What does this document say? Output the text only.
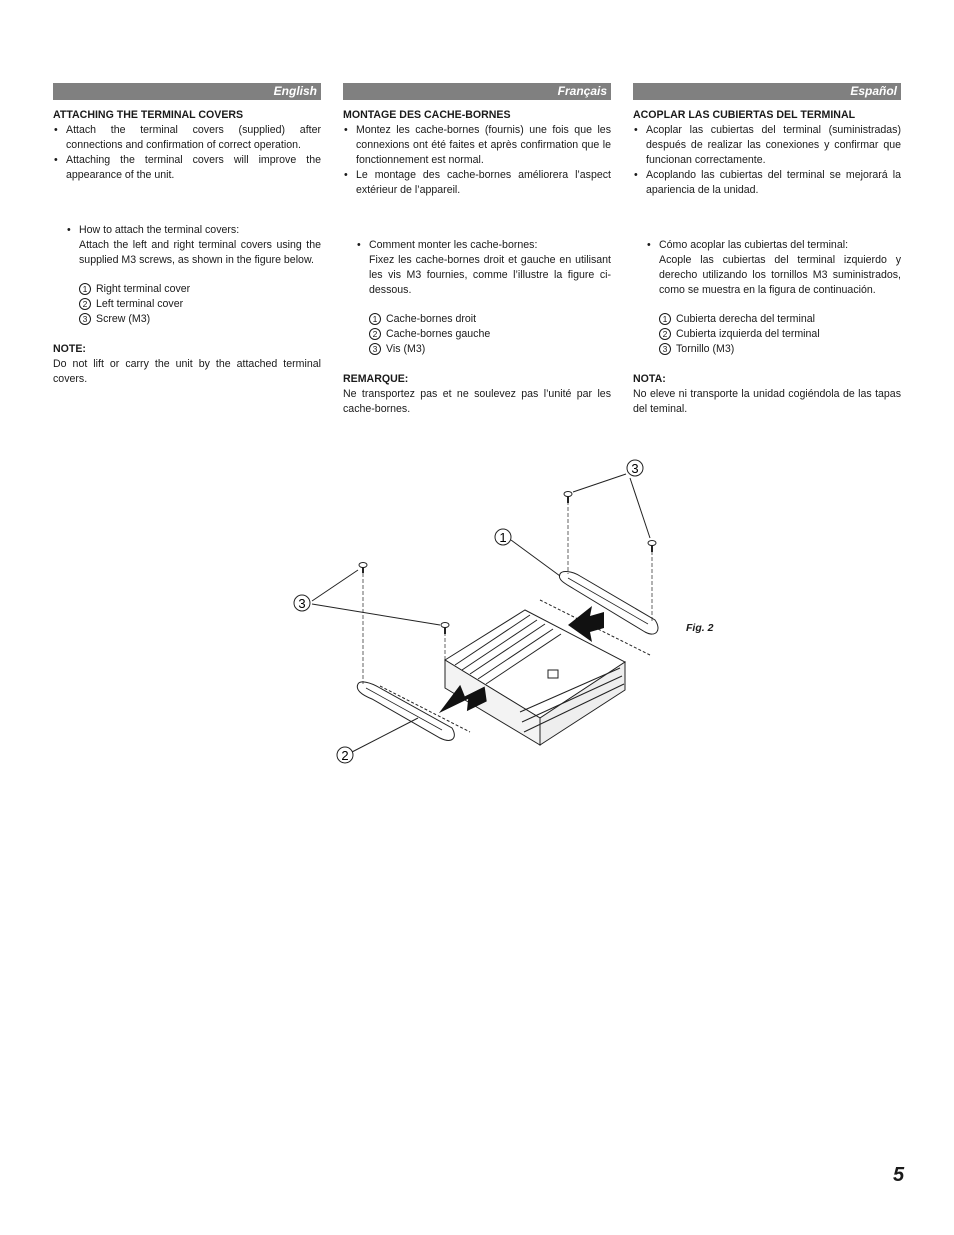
English
ATTACHING THE TERMINAL COVERS
• Attach the terminal covers (supplied) after connections and confirmation of correct operation.
• Attaching the terminal covers will improve the appearance of the unit.
• How to attach the terminal covers:
Attach the left and right terminal covers using the supplied M3 screws, as shown in the figure below.
1 Right terminal cover
2 Left terminal cover
3 Screw (M3)
NOTE:
Do not lift or carry the unit by the attached terminal covers.
Français
MONTAGE DES CACHE-BORNES
• Montez les cache-bornes (fournis) une fois que les connexions ont été faites et après confirmation que le fonctionnement est normal.
• Le montage des cache-bornes améliorera l’aspect extérieur de l’appareil.
• Comment monter les cache-bornes:
Fixez les cache-bornes droit et gauche en utilisant les vis M3 fournies, comme l’illustre la figure ci-dessous.
1 Cache-bornes droit
2 Cache-bornes gauche
3 Vis (M3)
REMARQUE:
Ne transportez pas et ne soulevez pas l’unité par les cache-bornes.
Español
ACOPLAR LAS CUBIERTAS DEL TERMINAL
• Acoplar las cubiertas del terminal (suministradas) después de realizar las conexiones y confirmar que funcionan correctamente.
• Acoplando las cubiertas del terminal se mejorará la apariencia de la unidad.
• Cómo acoplar las cubiertas del terminal:
Acople las cubiertas del terminal izquierdo y derecho utilizando los tornillos M3 suministrados, como se muestra en la figura de continuación.
1 Cubierta derecha del terminal
2 Cubierta izquierda del terminal
3 Tornillo (M3)
NOTA:
No eleve ni transporte la unidad cogiéndola de las tapas del teminal.
1
2
3
3
Fig. 2
5
